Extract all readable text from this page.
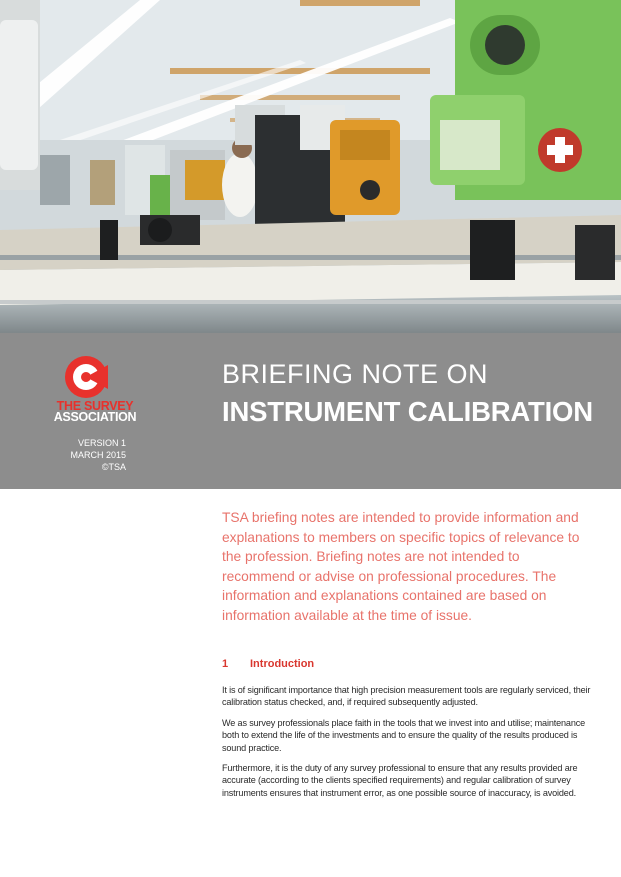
THE SURVEY
ASSOCIATION
VERSION 1
MARCH 2015
©TSA
BRIEFING NOTE ON
INSTRUMENT CALIBRATION
TSA briefing notes are intended to provide information and explanations to members on specific topics of relevance to the profession. Briefing notes are not intended to recommend or advise on professional procedures. The information and explanations contained are based on information available at the time of issue.
1 Introduction

It is of significant importance that high precision measurement tools are regularly serviced, their calibration status checked, and, if required subsequently adjusted.

We as survey professionals place faith in the tools that we invest into and utilise; maintenance both to extend the life of the investments and to ensure the quality of the results produced is sound practice.

Furthermore, it is the duty of any survey professional to ensure that any results provided are accurate (according to the clients specified requirements) and regular calibration of survey instruments ensures that instrument error, as one possible source of inaccuracy, is avoided.
